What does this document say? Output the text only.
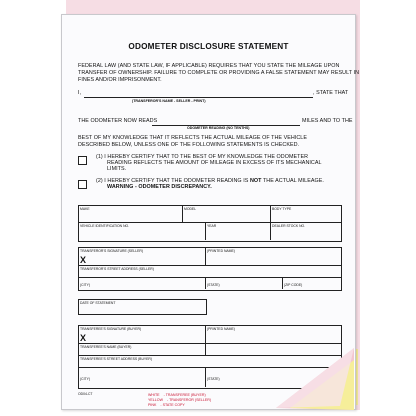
ODOMETER DISCLOSURE STATEMENT
FEDERAL LAW (AND STATE LAW, IF APPLICABLE) REQUIRES THAT YOU STATE THE MILEAGE UPON
TRANSFER OF OWNERSHIP. FAILURE TO COMPLETE OR PROVIDING A FALSE STATEMENT MAY RESULT IN
FINES AND/OR IMPRISONMENT.
I,	, STATE THAT
(TRANSFEROR'S NAME - SELLER - PRINT)
THE ODOMETER NOW READS	MILES AND TO THE
ODOMETER READING (NO TENTHS)
BEST OF MY KNOWLEDGE THAT IT REFLECTS THE ACTUAL MILEAGE OF THE VEHICLE
DESCRIBED BELOW, UNLESS ONE OF THE FOLLOWING STATEMENTS IS CHECKED.
(1) I HEREBY CERTIFY THAT TO THE BEST OF MY KNOWLEDGE THE ODOMETER
READING REFLECTS THE AMOUNT OF MILEAGE IN EXCESS OF ITS MECHANICAL
LIMITS.
(2) I HEREBY CERTIFY THAT THE ODOMETER READING IS NOT THE ACTUAL MILEAGE.
WARNING - ODOMETER DISCREPANCY.
MAKE	MODEL	BODY TYPE
VEHICLE IDENTIFICATION NO.	YEAR	DEALER STOCK NO.
TRANSFEROR'S SIGNATURE (SELLER)
X
(PRINTED NAME)
TRANSFEROR'S STREET ADDRESS (SELLER)
(CITY)	(STATE)	(ZIP CODE)
DATE OF STATEMENT
TRANSFEREE'S SIGNATURE (BUYER)
X
(PRINTED NAME)
TRANSFEREE'S NAME (BUYER)
TRANSFEREE'S STREET ADDRESS (BUYER)
(CITY)	(STATE)
OD04-CT	WHITE - TRANSFEREE (BUYER)
YELLOW - TRANSFEROR (SELLER)
PINK - STATE COPY
